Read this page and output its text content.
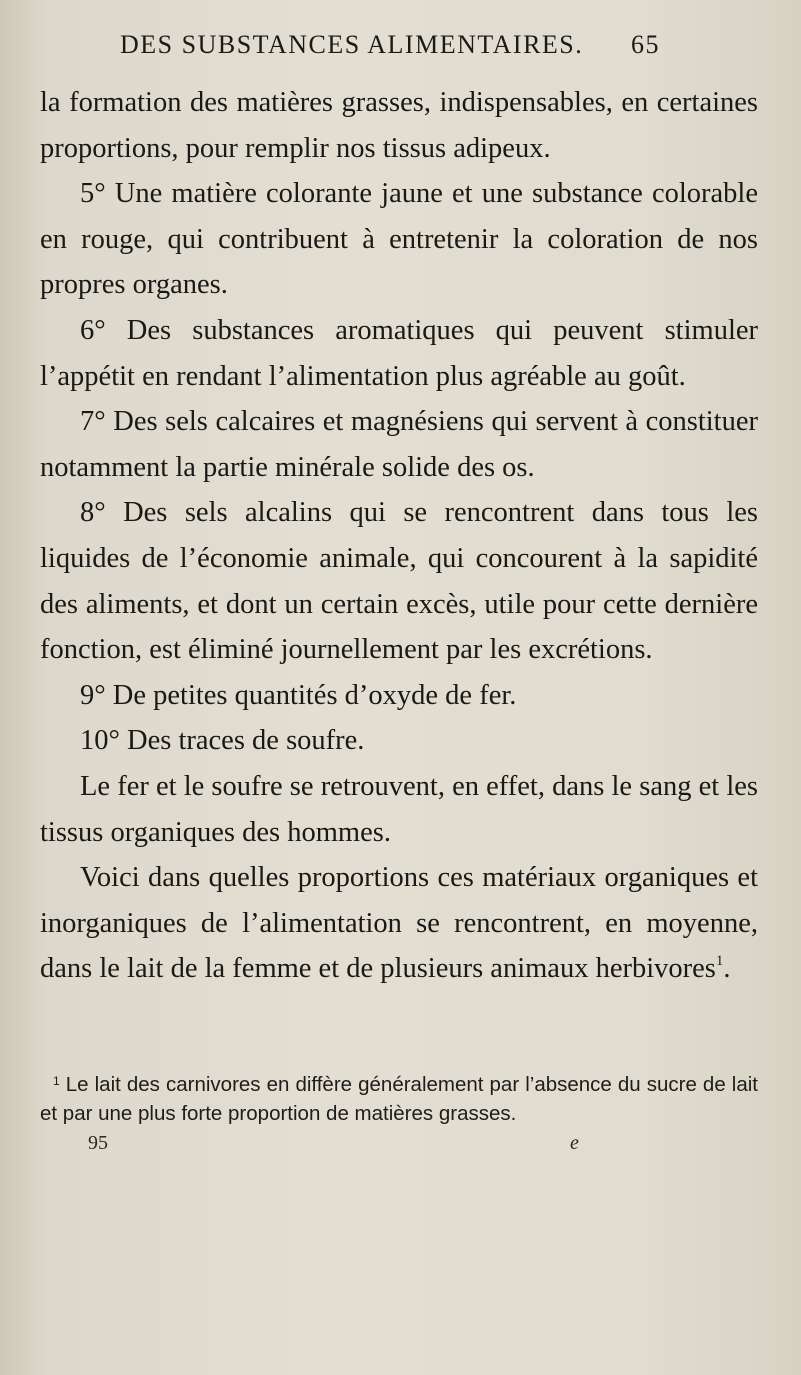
DES SUBSTANCES ALIMENTAIRES. 65

la formation des matières grasses, indispensables, en certaines proportions, pour remplir nos tissus adipeux.

5° Une matière colorante jaune et une substance colorable en rouge, qui contribuent à entretenir la coloration de nos propres organes.

6° Des substances aromatiques qui peuvent stimuler l’appétit en rendant l’alimentation plus agréable au goût.

7° Des sels calcaires et magnésiens qui servent à constituer notamment la partie minérale solide des os.

8° Des sels alcalins qui se rencontrent dans tous les liquides de l’économie animale, qui concourent à la sapidité des aliments, et dont un certain excès, utile pour cette dernière fonction, est éliminé journellement par les excrétions.

9° De petites quantités d’oxyde de fer.

10° Des traces de soufre.

Le fer et le soufre se retrouvent, en effet, dans le sang et les tissus organiques des hommes.

Voici dans quelles proportions ces matériaux organiques et inorganiques de l’alimentation se rencontrent, en moyenne, dans le lait de la femme et de plusieurs animaux herbivores$^1$.

$^1$ Le lait des carnivores en diffère généralement par l’absence du sucre de lait et par une plus forte proportion de matières grasses.

95	e
